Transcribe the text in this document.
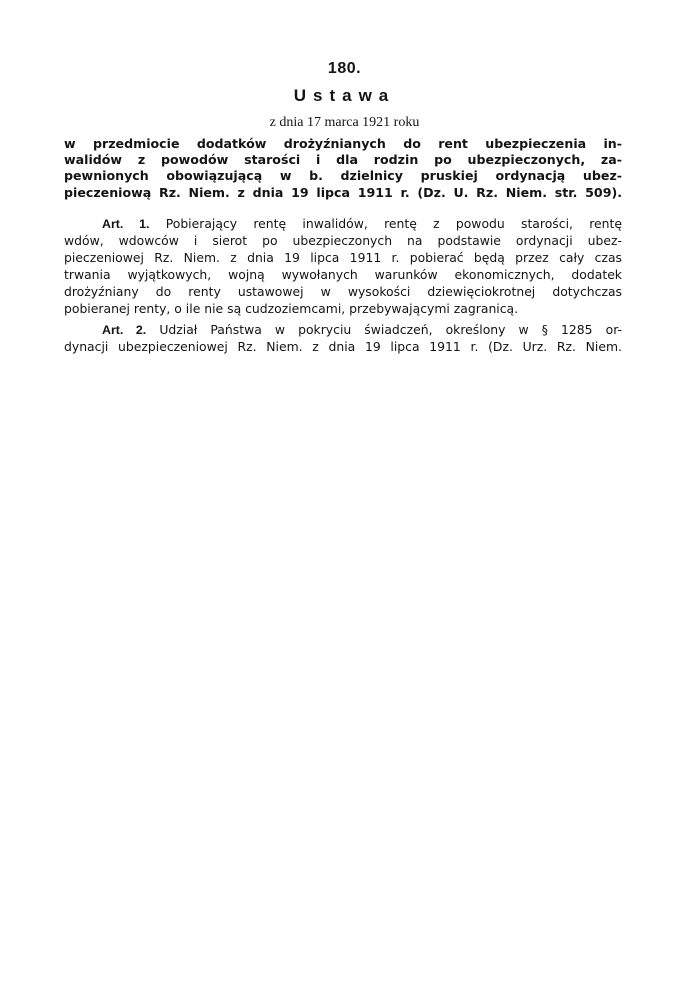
180.
Ustawa
z dnia 17 marca 1921 roku
w przedmiocie dodatków drożyźnianych do rent ubezpieczenia in-
walidów z powodów starości i dla rodzin po ubezpieczonych, za-
pewnionych obowiązującą w b. dzielnicy pruskiej ordynacją ubez-
pieczeniową Rz. Niem. z dnia 19 lipca 1911 r. (Dz. U. Rz. Niem. str. 509).
Art. 1. Pobierający rentę inwalidów, rentę z powodu starości, rentę
wdów, wdowców i sierot po ubezpieczonych na podstawie ordynacji ubez-
pieczeniowej Rz. Niem. z dnia 19 lipca 1911 r. pobierać będą przez cały czas
trwania wyjątkowych, wojną wywołanych warunków ekonomicznych, dodatek
drożyźniany do renty ustawowej w wysokości dziewięciokrotnej dotychczas
pobieranej renty, o ile nie są cudzoziemcami, przebywającymi zagranicą.
Art. 2. Udział Państwa w pokryciu świadczeń, określony w § 1285 or-
dynacji ubezpieczeniowej Rz. Niem. z dnia 19 lipca 1911 r. (Dz. Urz. Rz. Niem.
